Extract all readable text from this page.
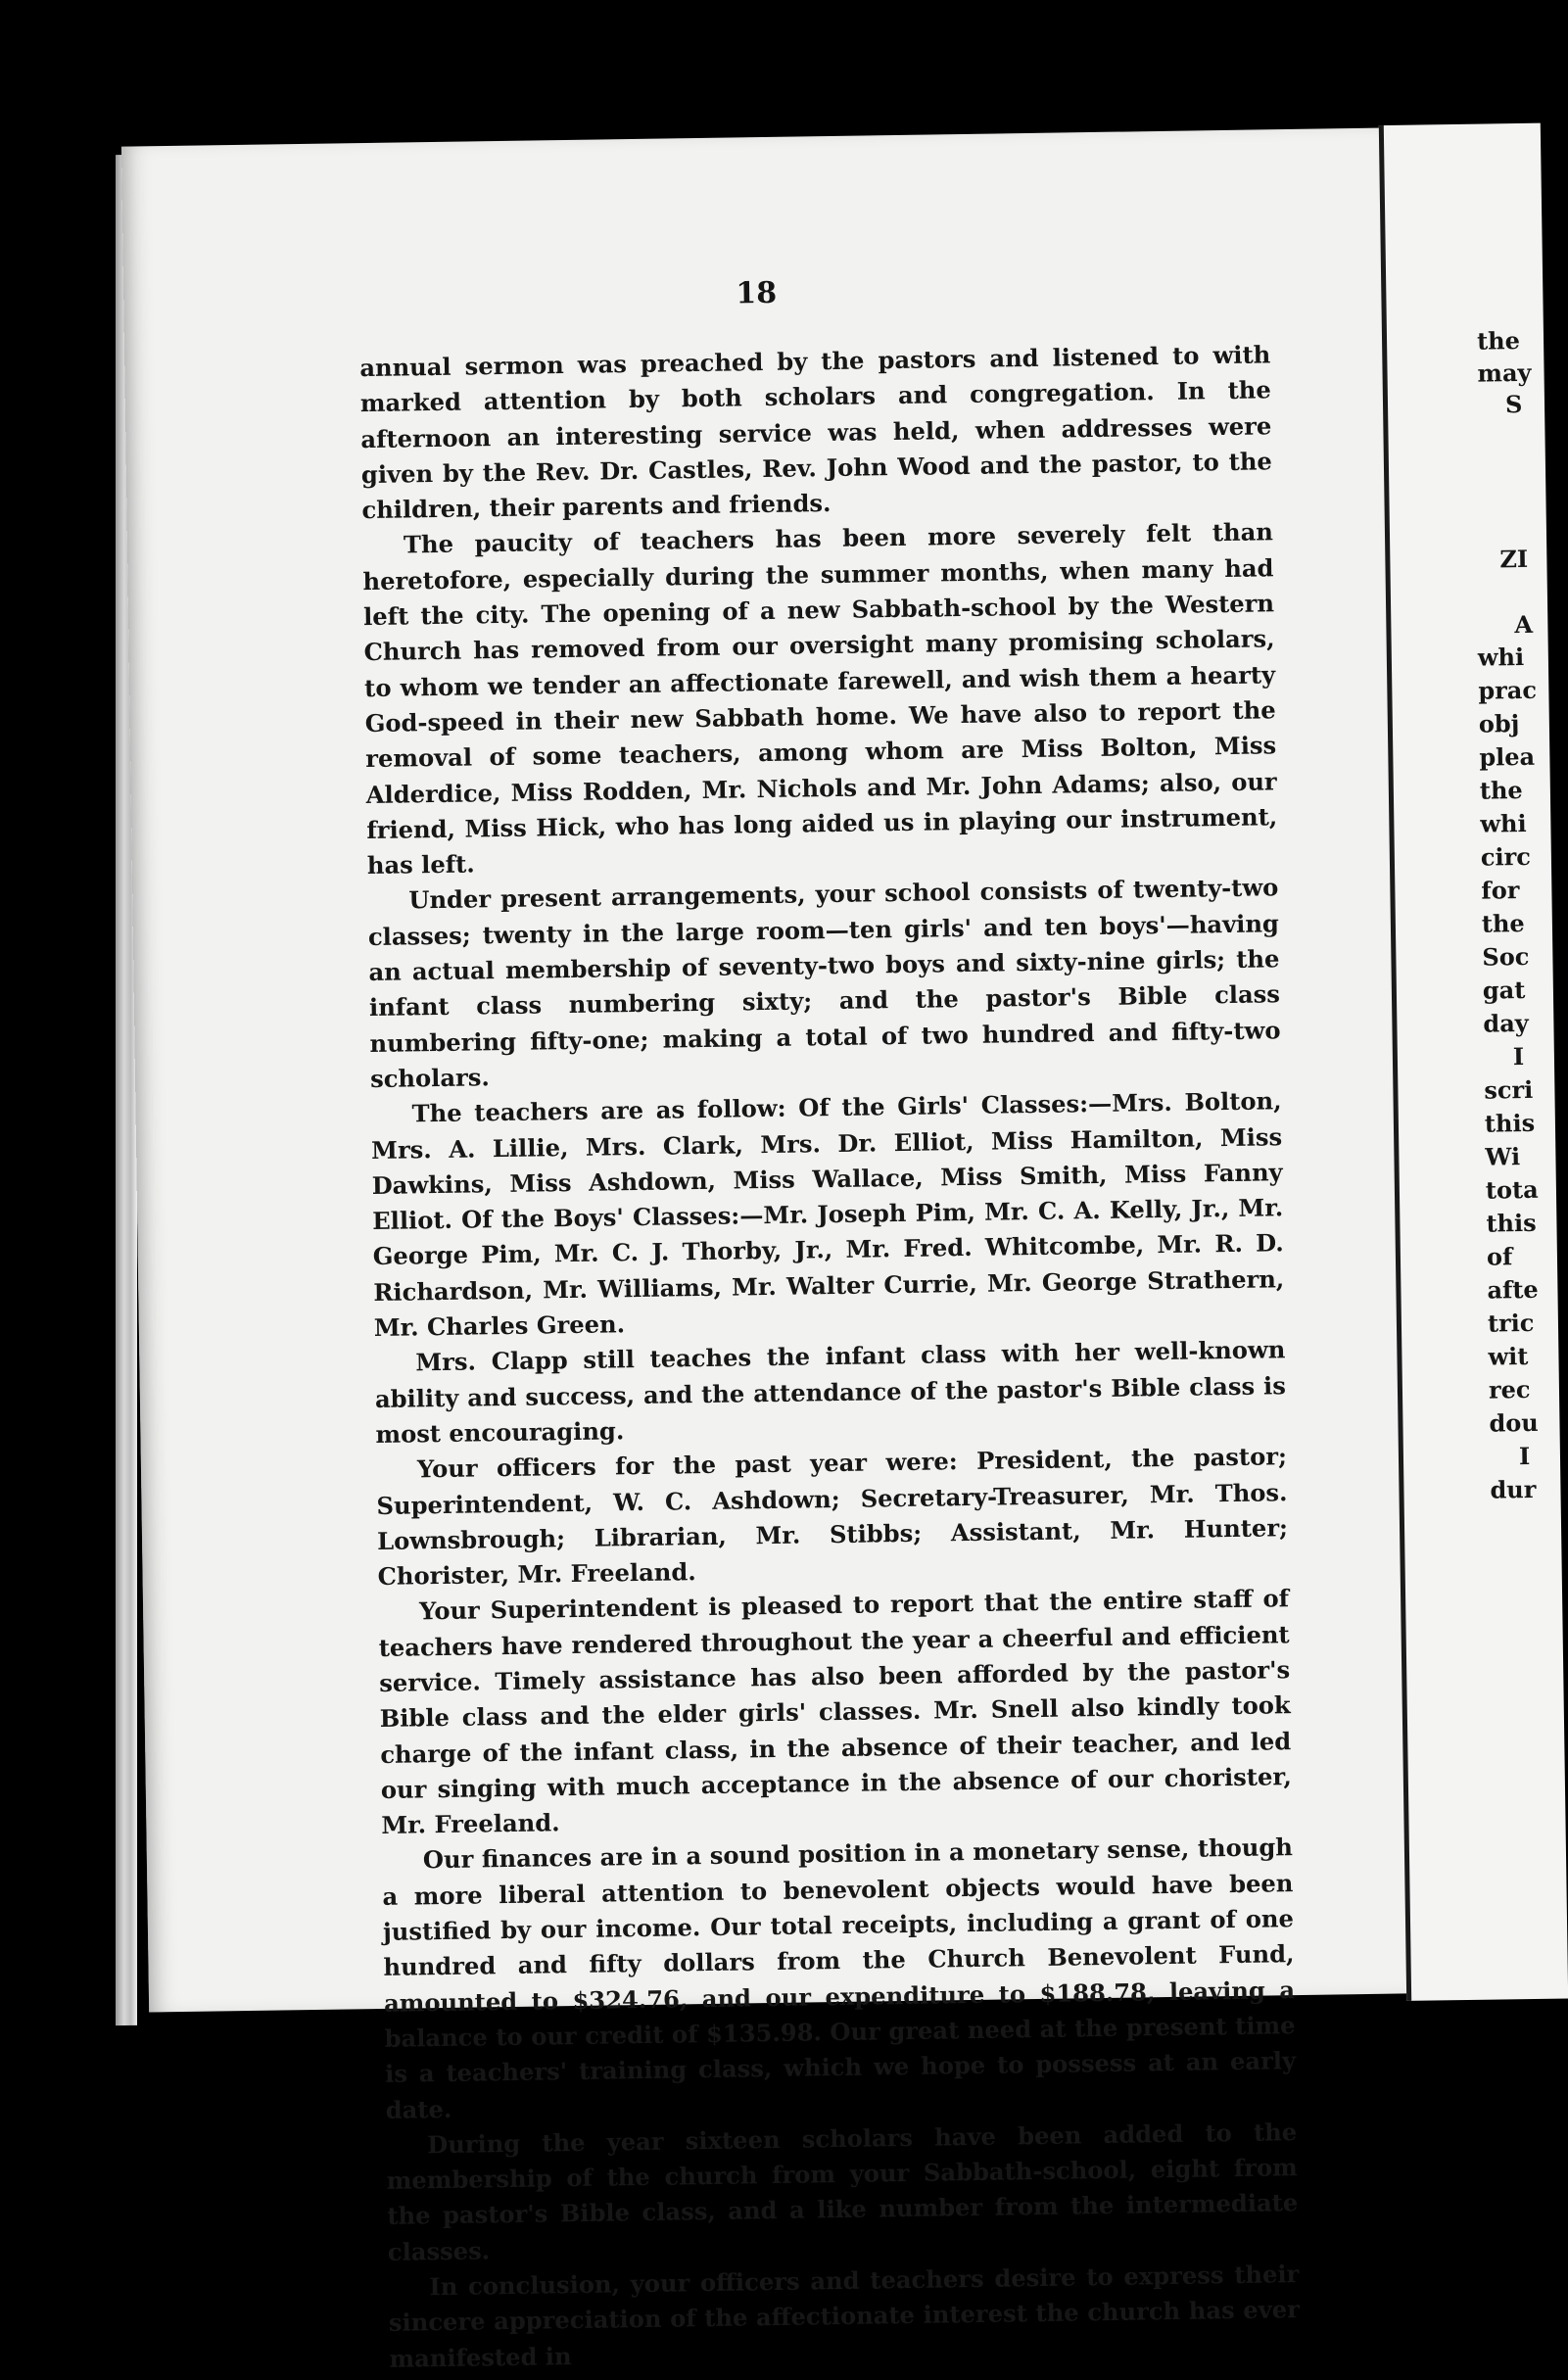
18

annual sermon was preached by the pastors and listened to with marked attention by both scholars and congregation. In the afternoon an interesting service was held, when addresses were given by the Rev. Dr. Castles, Rev. John Wood and the pastor, to the children, their parents and friends.

The paucity of teachers has been more severely felt than heretofore, especially during the summer months, when many had left the city. The opening of a new Sabbath-school by the Western Church has removed from our oversight many promising scholars, to whom we tender an affectionate farewell, and wish them a hearty God-speed in their new Sabbath home. We have also to report the removal of some teachers, among whom are Miss Bolton, Miss Alderdice, Miss Rodden, Mr. Nichols and Mr. John Adams; also, our friend, Miss Hick, who has long aided us in playing our instrument, has left.

Under present arrangements, your school consists of twenty-two classes; twenty in the large room—ten girls' and ten boys'—having an actual membership of seventy-two boys and sixty-nine girls; the infant class numbering sixty; and the pastor's Bible class numbering fifty-one; making a total of two hundred and fifty-two scholars.

The teachers are as follow: Of the Girls' Classes:—Mrs. Bolton, Mrs. A. Lillie, Mrs. Clark, Mrs. Dr. Elliot, Miss Hamilton, Miss Dawkins, Miss Ashdown, Miss Wallace, Miss Smith, Miss Fanny Elliot. Of the Boys' Classes:—Mr. Joseph Pim, Mr. C. A. Kelly, Jr., Mr. George Pim, Mr. C. J. Thorby, Jr., Mr. Fred. Whitcombe, Mr. R. D. Richardson, Mr. Williams, Mr. Walter Currie, Mr. George Strathern, Mr. Charles Green.

Mrs. Clapp still teaches the infant class with her well-known ability and success, and the attendance of the pastor's Bible class is most encouraging.

Your officers for the past year were: President, the pastor; Superintendent, W. C. Ashdown; Secretary-Treasurer, Mr. Thos. Lownsbrough; Librarian, Mr. Stibbs; Assistant, Mr. Hunter; Chorister, Mr. Freeland.

Your Superintendent is pleased to report that the entire staff of teachers have rendered throughout the year a cheerful and efficient service. Timely assistance has also been afforded by the pastor's Bible class and the elder girls' classes. Mr. Snell also kindly took charge of the infant class, in the absence of their teacher, and led our singing with much acceptance in the absence of our chorister, Mr. Freeland.

Our finances are in a sound position in a monetary sense, though a more liberal attention to benevolent objects would have been justified by our income. Our total receipts, including a grant of one hundred and fifty dollars from the Church Benevolent Fund, amounted to $324.76, and our expenditure to $188.78, leaving a balance to our credit of $135.98. Our great need at the present time is a teachers' training class, which we hope to possess at an early date.

During the year sixteen scholars have been added to the membership of the church from your Sabbath-school, eight from the pastor's Bible class, and a like number from the intermediate classes.

In conclusion, your officers and teachers desire to express their sincere appreciation of the affectionate interest the church has ever manifested in

the
may
S
ZI
A
whi
prac
obj
plea
the
whi
circ
for
the
Soc
gat
day
I
scri
this
Wi
tota
this
of
afte
tric
wit
rec
dou
I
dur
